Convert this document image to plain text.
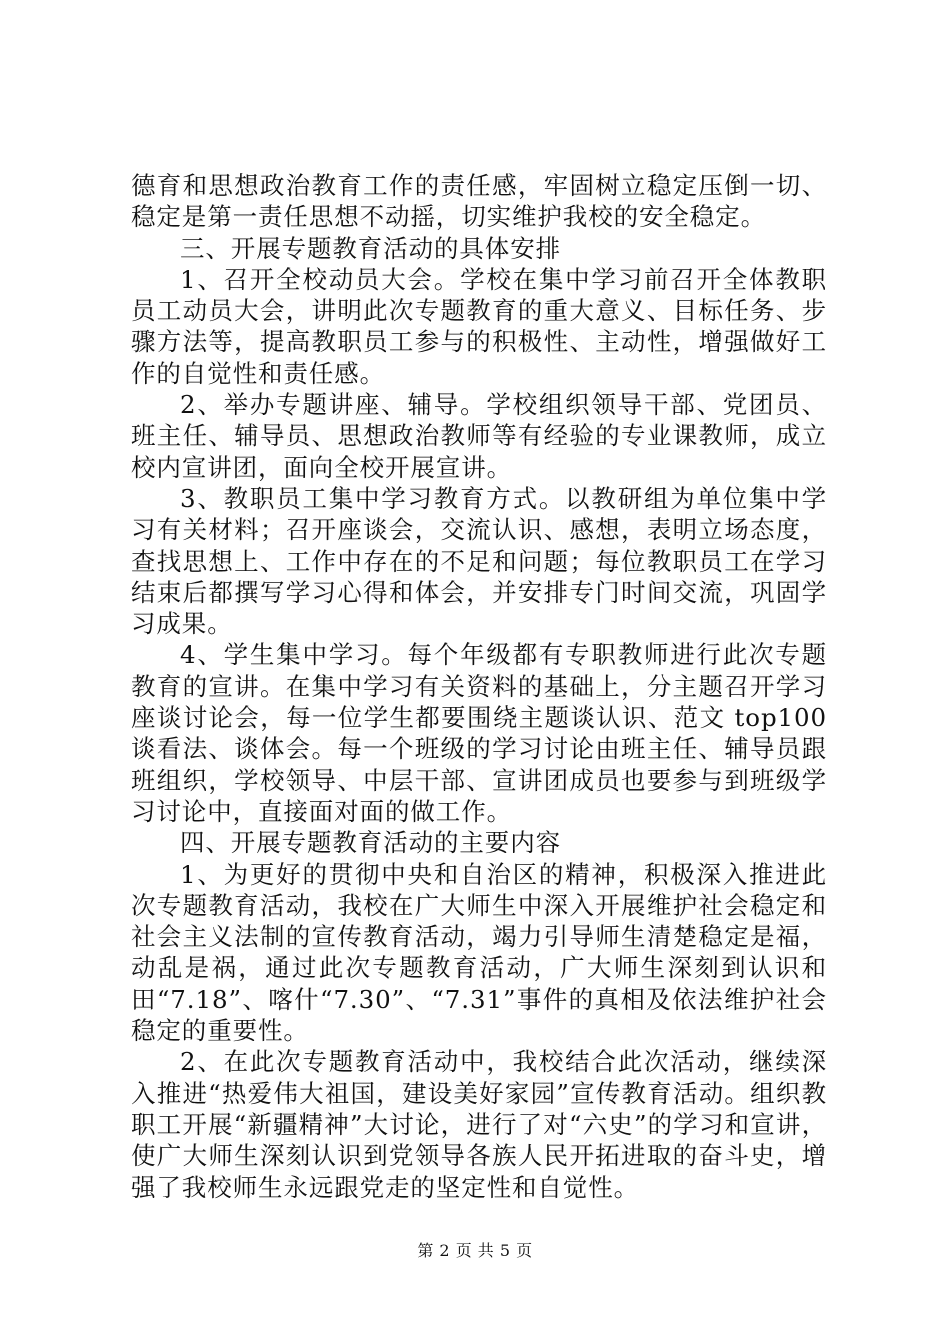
德育和思想政治教育工作的责任感，牢固树立稳定压倒一切、稳定是第一责任思想不动摇，切实维护我校的安全稳定。

三、开展专题教育活动的具体安排

1、召开全校动员大会。学校在集中学习前召开全体教职员工动员大会，讲明此次专题教育的重大意义、目标任务、步骤方法等，提高教职员工参与的积极性、主动性，增强做好工作的自觉性和责任感。

2、举办专题讲座、辅导。学校组织领导干部、党团员、班主任、辅导员、思想政治教师等有经验的专业课教师，成立校内宣讲团，面向全校开展宣讲。

3、教职员工集中学习教育方式。以教研组为单位集中学习有关材料；召开座谈会，交流认识、感想，表明立场态度，查找思想上、工作中存在的不足和问题；每位教职员工在学习结束后都撰写学习心得和体会，并安排专门时间交流，巩固学习成果。

4、学生集中学习。每个年级都有专职教师进行此次专题教育的宣讲。在集中学习有关资料的基础上，分主题召开学习座谈讨论会，每一位学生都要围绕主题谈认识、范文 top100 谈看法、谈体会。每一个班级的学习讨论由班主任、辅导员跟班组织，学校领导、中层干部、宣讲团成员也要参与到班级学习讨论中，直接面对面的做工作。

四、开展专题教育活动的主要内容

1、为更好的贯彻中央和自治区的精神，积极深入推进此次专题教育活动，我校在广大师生中深入开展维护社会稳定和社会主义法制的宣传教育活动，竭力引导师生清楚稳定是福，动乱是祸，通过此次专题教育活动，广大师生深刻到认识和田“7.18”、喀什“7.30”、“7.31”事件的真相及依法维护社会稳定的重要性。

2、在此次专题教育活动中，我校结合此次活动，继续深入推进“热爱伟大祖国，建设美好家园”宣传教育活动。组织教职工开展“新疆精神”大讨论，进行了对“六史”的学习和宣讲，使广大师生深刻认识到党领导各族人民开拓进取的奋斗史，增强了我校师生永远跟党走的坚定性和自觉性。

第 2 页 共 5 页
